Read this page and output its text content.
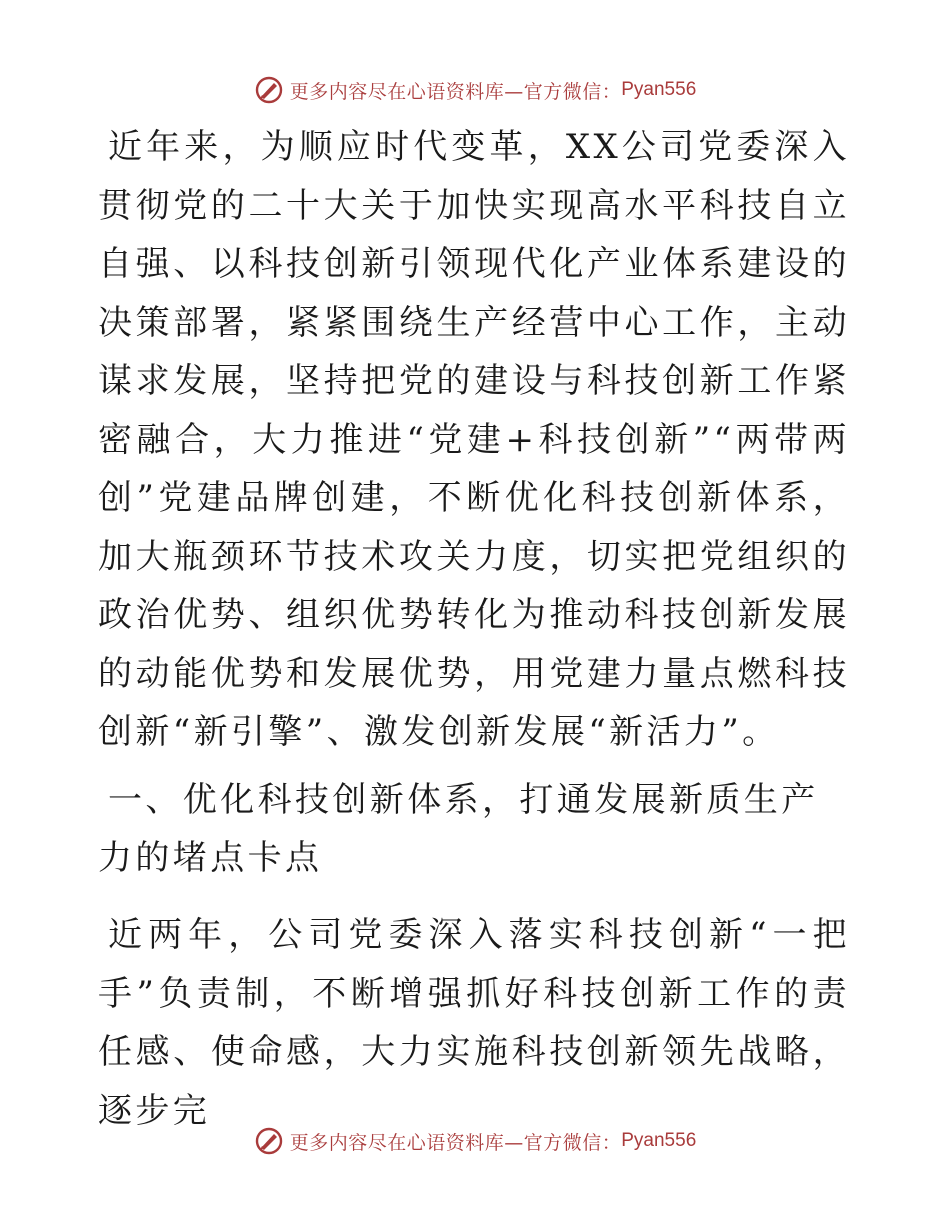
更多内容尽在心语资料库—官方微信： Pyan556

近年来，为顺应时代变革，XX公司党委深入贯彻党的二十大关于加快实现高水平科技自立自强、以科技创新引领现代化产业体系建设的决策部署，紧紧围绕生产经营中心工作，主动谋求发展，坚持把党的建设与科技创新工作紧密融合，大力推进“党建+科技创新”“两带两创”党建品牌创建，不断优化科技创新体系，加大瓶颈环节技术攻关力度，切实把党组织的政治优势、组织优势转化为推动科技创新发展的动能优势和发展优势，用党建力量点燃科技创新“新引擎”、激发创新发展“新活力”。

一、优化科技创新体系，打通发展新质生产力的堵点卡点

近两年，公司党委深入落实科技创新“一把手”负责制，不断增强抓好科技创新工作的责任感、使命感，大力实施科技创新领先战略，逐步完

更多内容尽在心语资料库—官方微信： Pyan556
